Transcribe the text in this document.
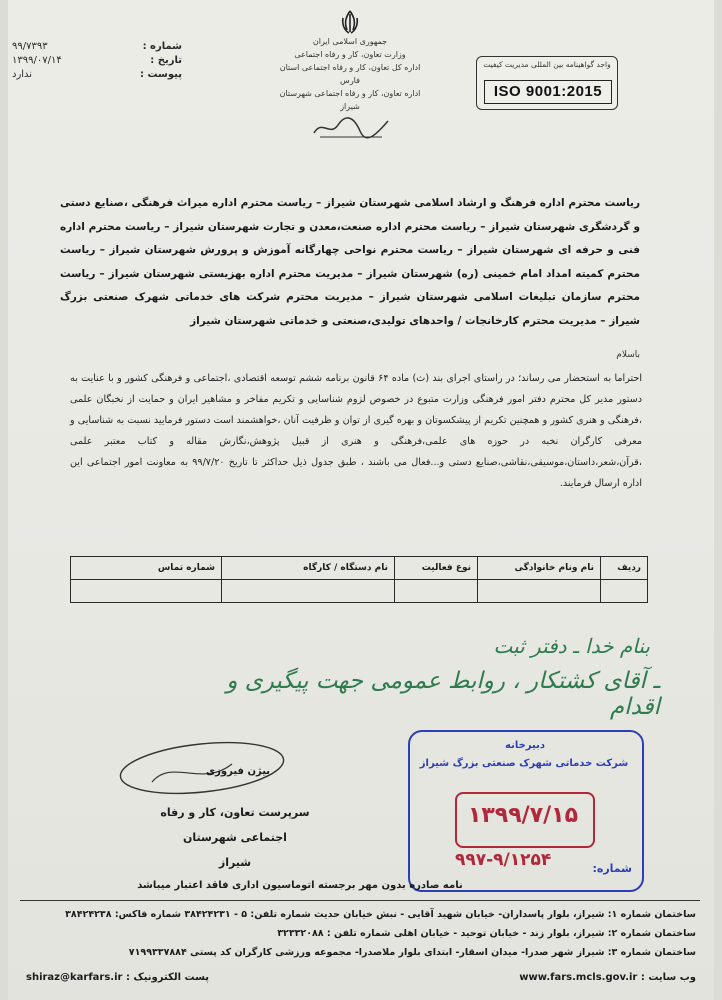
شماره :
۹۹/۷۳۹۳
تاریخ :
۱۳۹۹/۰۷/۱۴
پیوست :
ندارد
جمهوری اسلامی ایران
وزارت تعاون، کار و رفاه اجتماعی
اداره کل تعاون، کار و رفاه اجتماعی استان فارس
اداره تعاون، کار و رفاه اجتماعی شهرستان شیراز
واجد گواهینامه بین المللی مدیریت کیفیت
ISO 9001:2015
ریاست محترم اداره فرهنگ و ارشاد اسلامی شهرستان شیراز – ریاست محترم اداره میراث فرهنگی ،صنایع دستی و گردشگری شهرستان شیراز – ریاست محترم اداره صنعت،معدن و تجارت شهرستان شیراز – ریاست محترم اداره فنی و حرفه ای شهرستان شیراز – ریاست محترم نواحی چهارگانه آموزش و پرورش شهرستان شیراز – ریاست محترم کمیته امداد امام خمینی (ره) شهرستان شیراز – مدیریت محترم اداره بهزیستی شهرستان شیراز – ریاست محترم سازمان تبلیغات اسلامی شهرستان شیراز – مدیریت محترم شرکت های خدماتی شهرک صنعتی بزرگ شیراز – مدیریت محترم کارخانجات / واحدهای تولیدی،صنعتی و خدماتی شهرستان شیراز
باسلام
احتراما به استحضار می رساند؛ در راستای اجرای بند (ث) ماده ۶۴ قانون برنامه ششم توسعه اقتصادی ،اجتماعی و فرهنگی کشور و با عنایت به دستور مدیر کل محترم دفتر امور فرهنگی وزارت متبوع در خصوص لزوم شناسایی و تکریم مفاخر و مشاهیر ایران و حمایت از نخبگان علمی ،فرهنگی و هنری کشور و همچنین تکریم از پیشکسوتان و بهره گیری از توان و ظرفیت آنان ،خواهشمند است دستور فرمایید نسبت به شناسایی و معرفی کارگران نخبه در حوزه های علمی،فرهنگی و هنری از قبیل پژوهش،نگارش مقاله و کتاب معتبر علمی ،قرآن،شعر،داستان،موسیقی،نقاشی،صنایع دستی و...فعال می باشند ، طبق جدول ذیل حداکثر تا تاریخ ۹۹/۷/۲۰ به معاونت امور اجتماعی این اداره ارسال فرمایند.
ردیف	نام ونام خانوادگی	نوع فعالیت	نام دستگاه / کارگاه	شماره تماس

بنام خدا ـ دفتر ثبت
ـ آقای کشتکار ، روابط عمومی جهت پیگیری و اقدام
بیژن فیروزی
سرپرست تعاون، کار و رفاه اجتماعی شهرستان
شیراز
دبیرخانه
شرکت خدماتی شهرک صنعتی بزرگ شیراز
۱۳۹۹/۷/۱۵
شماره:
۹۹۷-۹/۱۲۵۴
نامه صادره بدون مهر برجسته اتوماسیون اداری فاقد اعتبار میباشد
ساختمان شماره ۱: شیراز، بلوار پاسداران- خیابان شهید آقایی - نبش خیابان حدیث شماره تلفن: ۵ - ۳۸۴۲۴۲۳۱ شماره فاکس: ۳۸۴۲۴۲۳۸
ساختمان شماره ۲: شیراز، بلوار زند - خیابان توحید - خیابان اهلی شماره تلفن : ۳۲۳۳۲۰۸۸
ساختمان شماره ۳: شیراز شهر صدرا- میدان اسقار- ابتدای بلوار ملاصدرا- مجموعه ورزشی کارگران کد پستی ۷۱۹۹۳۳۷۸۸۴
وب سایت : www.fars.mcls.gov.ir
پست الکترونیک : shiraz@karfars.ir
